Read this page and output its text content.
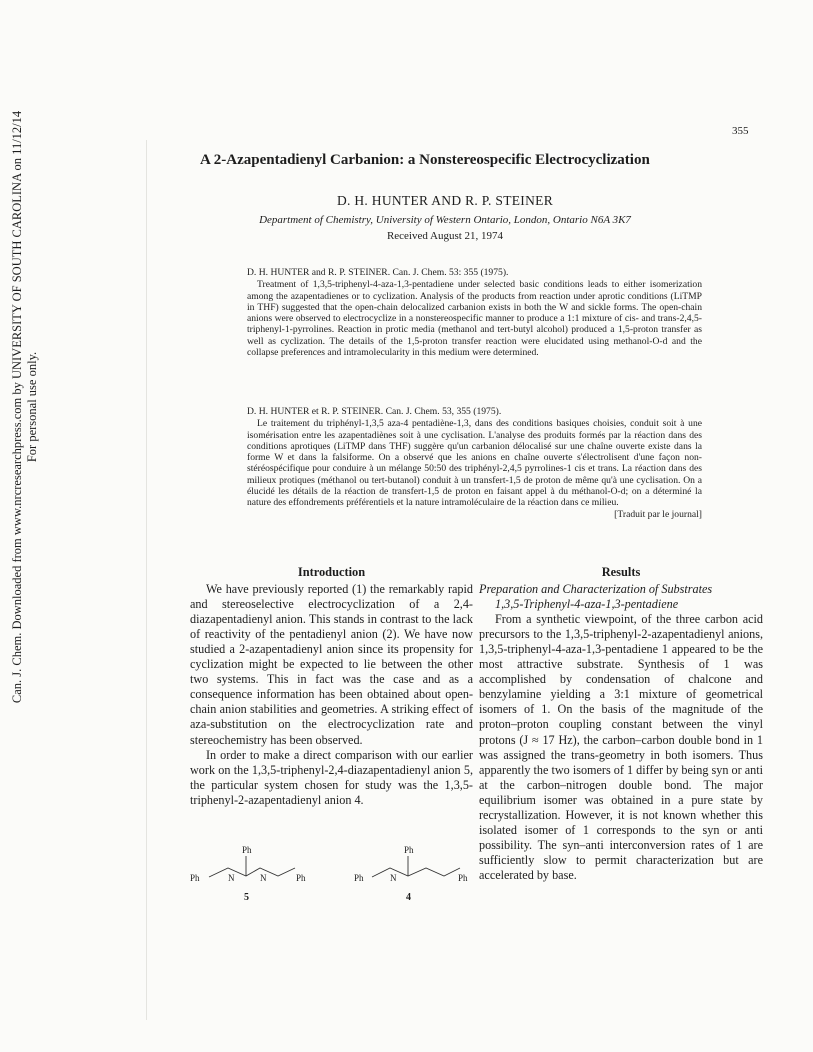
Can. J. Chem. Downloaded from www.nrcresearchpress.com by UNIVERSITY OF SOUTH CAROLINA on 11/12/14 For personal use only.
355
A 2-Azapentadienyl Carbanion: a Nonstereospecific Electrocyclization
D. H. HUNTER AND R. P. STEINER
Department of Chemistry, University of Western Ontario, London, Ontario N6A 3K7
Received August 21, 1974
D. H. HUNTER and R. P. STEINER. Can. J. Chem. 53: 355 (1975).
Treatment of 1,3,5-triphenyl-4-aza-1,3-pentadiene under selected basic conditions leads to either isomerization among the azapentadienes or to cyclization. Analysis of the products from reaction under aprotic conditions (LiTMP in THF) suggested that the open-chain delocalized carbanion exists in both the W and sickle forms. The open-chain anions were observed to electrocyclize in a nonstereospecific manner to produce a 1:1 mixture of cis- and trans-2,4,5-triphenyl-1-pyrrolines. Reaction in protic media (methanol and tert-butyl alcohol) produced a 1,5-proton transfer as well as cyclization. The details of the 1,5-proton transfer reaction were elucidated using methanol-O-d and the collapse preferences and intramolecularity in this medium were determined.
D. H. HUNTER et R. P. STEINER. Can. J. Chem. 53, 355 (1975).
Le traitement du triphényl-1,3,5 aza-4 pentadiène-1,3, dans des conditions basiques choisies, conduit soit à une isomérisation entre les azapentadiènes soit à une cyclisation. L'analyse des produits formés par la réaction dans des conditions aprotiques (LiTMP dans THF) suggère qu'un carbanion délocalisé sur une chaîne ouverte existe dans la forme W et dans la falsiforme. On a observé que les anions en chaîne ouverte s'électrolisent d'une façon non-stéréospécifique pour conduire à un mélange 50:50 des triphényl-2,4,5 pyrrolines-1 cis et trans. La réaction dans des milieux protiques (méthanol ou tert-butanol) conduit à un transfert-1,5 de proton de même qu'à une cyclisation. On a élucidé les détails de la réaction de transfert-1,5 de proton en faisant appel à du méthanol-O-d; on a déterminé la nature des effondrements préférentiels et la nature intramoléculaire de la réaction dans ce milieu.
[Traduit par le journal]
Introduction

We have previously reported (1) the remarkably rapid and stereoselective electrocyclization of a 2,4-diazapentadienyl anion. This stands in contrast to the lack of reactivity of the pentadienyl anion (2). We have now studied a 2-azapentadienyl anion since its propensity for cyclization might be expected to lie between the other two systems. This in fact was the case and as a consequence information has been obtained about open-chain anion stabilities and geometries. A striking effect of aza-substitution on the electrocyclization rate and stereochemistry has been observed.

In order to make a direct comparison with our earlier work on the 1,3,5-triphenyl-2,4-diazapentadienyl anion 5, the particular system chosen for study was the 1,3,5-triphenyl-2-azapentadienyl anion 4.

Ph
Ph	N	N	Ph
5
Ph
Ph	N	Ph
4
Results

Preparation and Characterization of Substrates

1,3,5-Triphenyl-4-aza-1,3-pentadiene

From a synthetic viewpoint, of the three carbon acid precursors to the 1,3,5-triphenyl-2-azapentadienyl anions, 1,3,5-triphenyl-4-aza-1,3-pentadiene 1 appeared to be the most attractive substrate. Synthesis of 1 was accomplished by condensation of chalcone and benzylamine yielding a 3:1 mixture of geometrical isomers of 1. On the basis of the magnitude of the proton–proton coupling constant between the vinyl protons (J ≈ 17 Hz), the carbon–carbon double bond in 1 was assigned the trans-geometry in both isomers. Thus apparently the two isomers of 1 differ by being syn or anti at the carbon–nitrogen double bond. The major equilibrium isomer was obtained in a pure state by recrystallization. However, it is not known whether this isolated isomer of 1 corresponds to the syn or anti possibility. The syn–anti interconversion rates of 1 are sufficiently slow to permit characterization but are accelerated by base.
